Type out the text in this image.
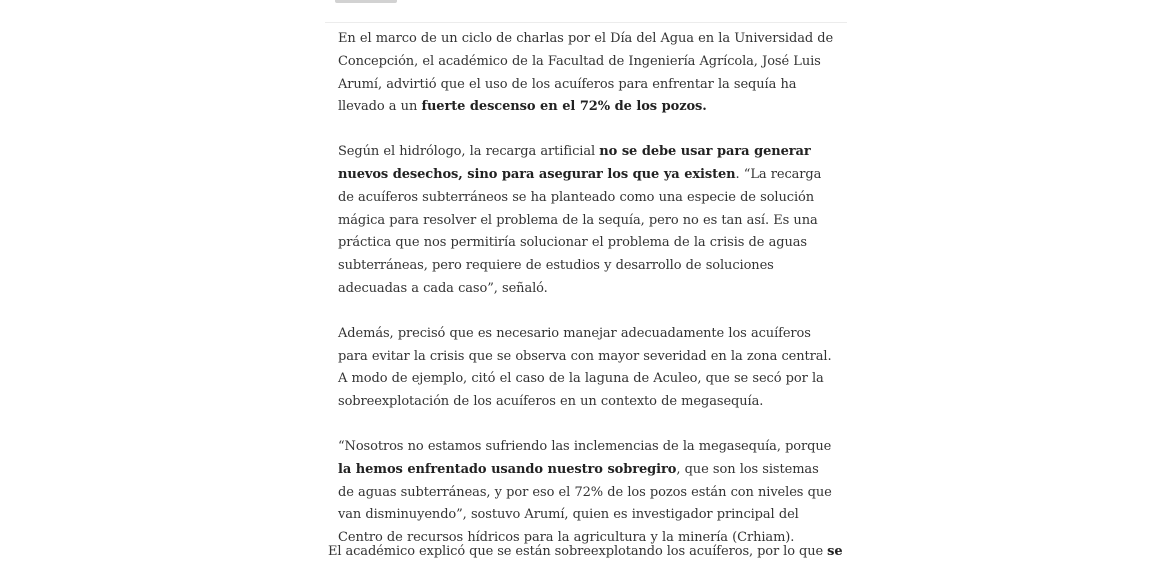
En el marco de un ciclo de charlas por el Día del Agua en la Universidad de Concepción, el académico de la Facultad de Ingeniería Agrícola, José Luis Arumí, advirtió que el uso de los acuíferos para enfrentar la sequía ha llevado a un fuerte descenso en el 72% de los pozos.

Según el hidrólogo, la recarga artificial no se debe usar para generar nuevos desechos, sino para asegurar los que ya existen. “La recarga de acuíferos subterráneos se ha planteado como una especie de solución mágica para resolver el problema de la sequía, pero no es tan así. Es una práctica que nos permitiría solucionar el problema de la crisis de aguas subterráneas, pero requiere de estudios y desarrollo de soluciones adecuadas a cada caso”, señaló.

Además, precisó que es necesario manejar adecuadamente los acuíferos para evitar la crisis que se observa con mayor severidad en la zona central. A modo de ejemplo, citó el caso de la laguna de Aculeo, que se secó por la sobreexplotación de los acuíferos en un contexto de megasequía.

“Nosotros no estamos sufriendo las inclemencias de la megasequía, porque la hemos enfrentado usando nuestro sobregiro, que son los sistemas de aguas subterráneas, y por eso el 72% de los pozos están con niveles que van disminuyendo”, sostuvo Arumí, quien es investigador principal del Centro de recursos hídricos para la agricultura y la minería (Crhiam).

El académico explicó que se están sobreexplotando los acuíferos, por lo que se
